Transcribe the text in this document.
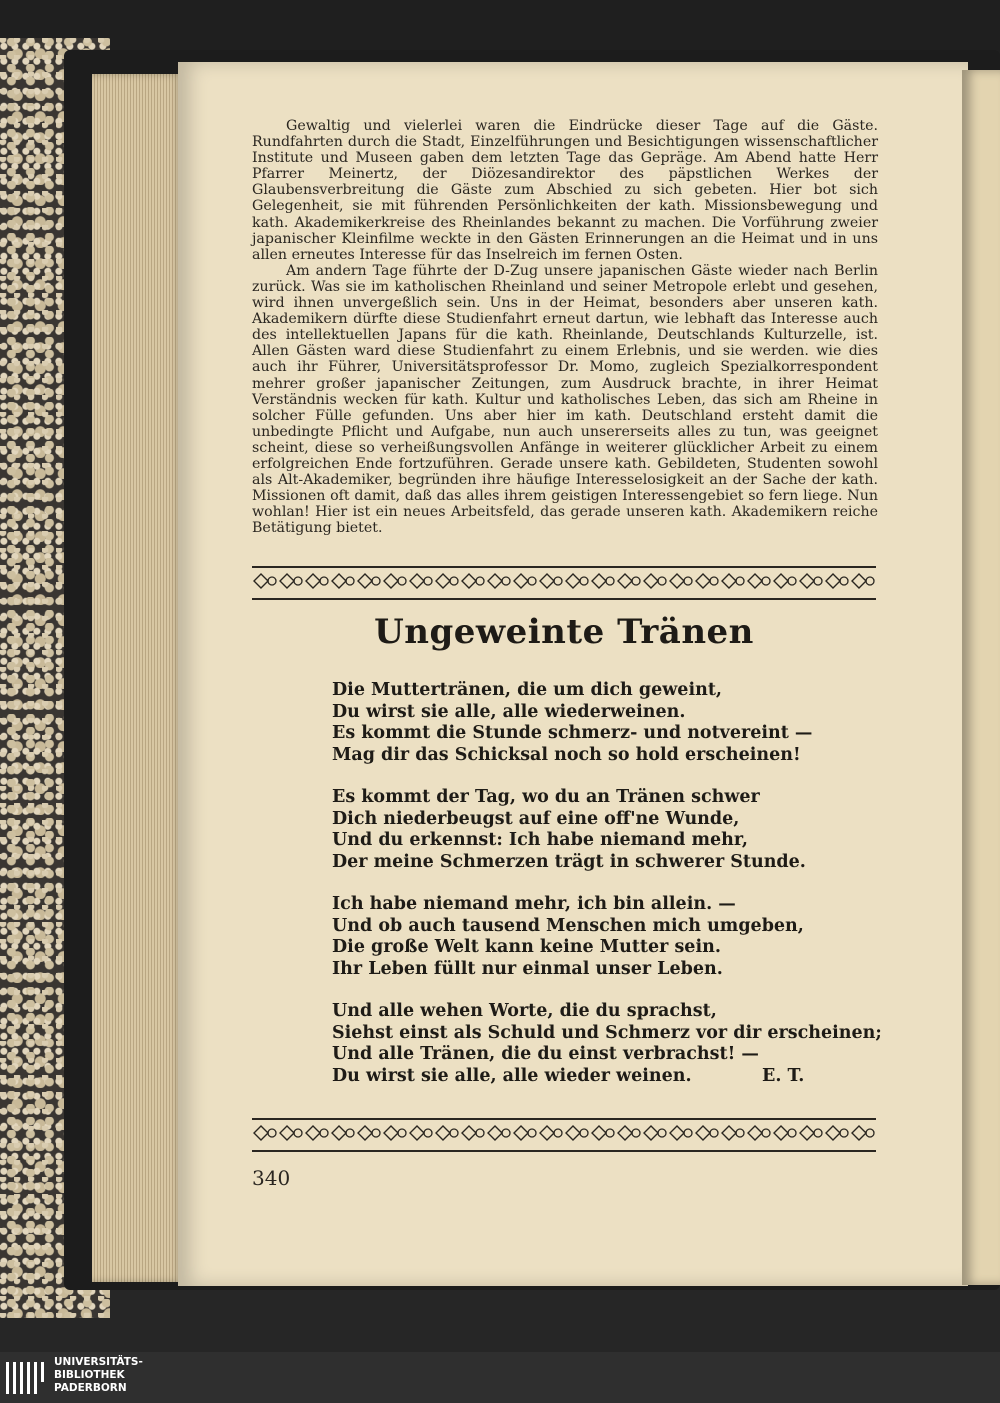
Gewaltig und vielerlei waren die Eindrücke dieser Tage auf die Gäste. Rundfahrten durch die Stadt, Einzelführungen und Besichtigungen wissenschaftlicher Institute und Museen gaben dem letzten Tage das Gepräge. Am Abend hatte Herr Pfarrer Meinertz, der Diözesandirektor des päpstlichen Werkes der Glaubensverbreitung die Gäste zum Abschied zu sich gebeten. Hier bot sich Gelegenheit, sie mit führenden Persönlichkeiten der kath. Missionsbewegung und kath. Akademikerkreise des Rheinlandes bekannt zu machen. Die Vorführung zweier japanischer Kleinfilme weckte in den Gästen Erinnerungen an die Heimat und in uns allen erneutes Interesse für das Inselreich im fernen Osten.

Am andern Tage führte der D-Zug unsere japanischen Gäste wieder nach Berlin zurück. Was sie im katholischen Rheinland und seiner Metropole erlebt und gesehen, wird ihnen unvergeßlich sein. Uns in der Heimat, besonders aber unseren kath. Akademikern dürfte diese Studienfahrt erneut dartun, wie lebhaft das Interesse auch des intellektuellen Japans für die kath. Rheinlande, Deutschlands Kulturzelle, ist. Allen Gästen ward diese Studienfahrt zu einem Erlebnis, und sie werden. wie dies auch ihr Führer, Universitätsprofessor Dr. Momo, zugleich Spezialkorrespondent mehrer großer japanischer Zeitungen, zum Ausdruck brachte, in ihrer Heimat Verständnis wecken für kath. Kultur und katholisches Leben, das sich am Rheine in solcher Fülle gefunden. Uns aber hier im kath. Deutschland ersteht damit die unbedingte Pflicht und Aufgabe, nun auch unsererseits alles zu tun, was geeignet scheint, diese so verheißungsvollen Anfänge in weiterer glücklicher Arbeit zu einem erfolgreichen Ende fortzuführen. Gerade unsere kath. Gebildeten, Studenten sowohl als Alt-Akademiker, begründen ihre häufige Interesselosigkeit an der Sache der kath. Missionen oft damit, daß das alles ihrem geistigen Interessengebiet so fern liege. Nun wohlan! Hier ist ein neues Arbeitsfeld, das gerade unseren kath. Akademikern reiche Betätigung bietet.

Ungeweinte Tränen
Die Muttertränen, die um dich geweint,
Du wirst sie alle, alle wiederweinen.
Es kommt die Stunde schmerz- und notvereint —
Mag dir das Schicksal noch so hold erscheinen!
Es kommt der Tag, wo du an Tränen schwer
Dich niederbeugst auf eine off'ne Wunde,
Und du erkennst: Ich habe niemand mehr,
Der meine Schmerzen trägt in schwerer Stunde.
Ich habe niemand mehr, ich bin allein. —
Und ob auch tausend Menschen mich umgeben,
Die große Welt kann keine Mutter sein.
Ihr Leben füllt nur einmal unser Leben.
Und alle wehen Worte, die du sprachst,
Siehst einst als Schuld und Schmerz vor dir erscheinen;
Und alle Tränen, die du einst verbrachst! —
Du wirst sie alle, alle wieder weinen.	E. T.
340
UNIVERSITÄTS-
BIBLIOTHEK
PADERBORN
